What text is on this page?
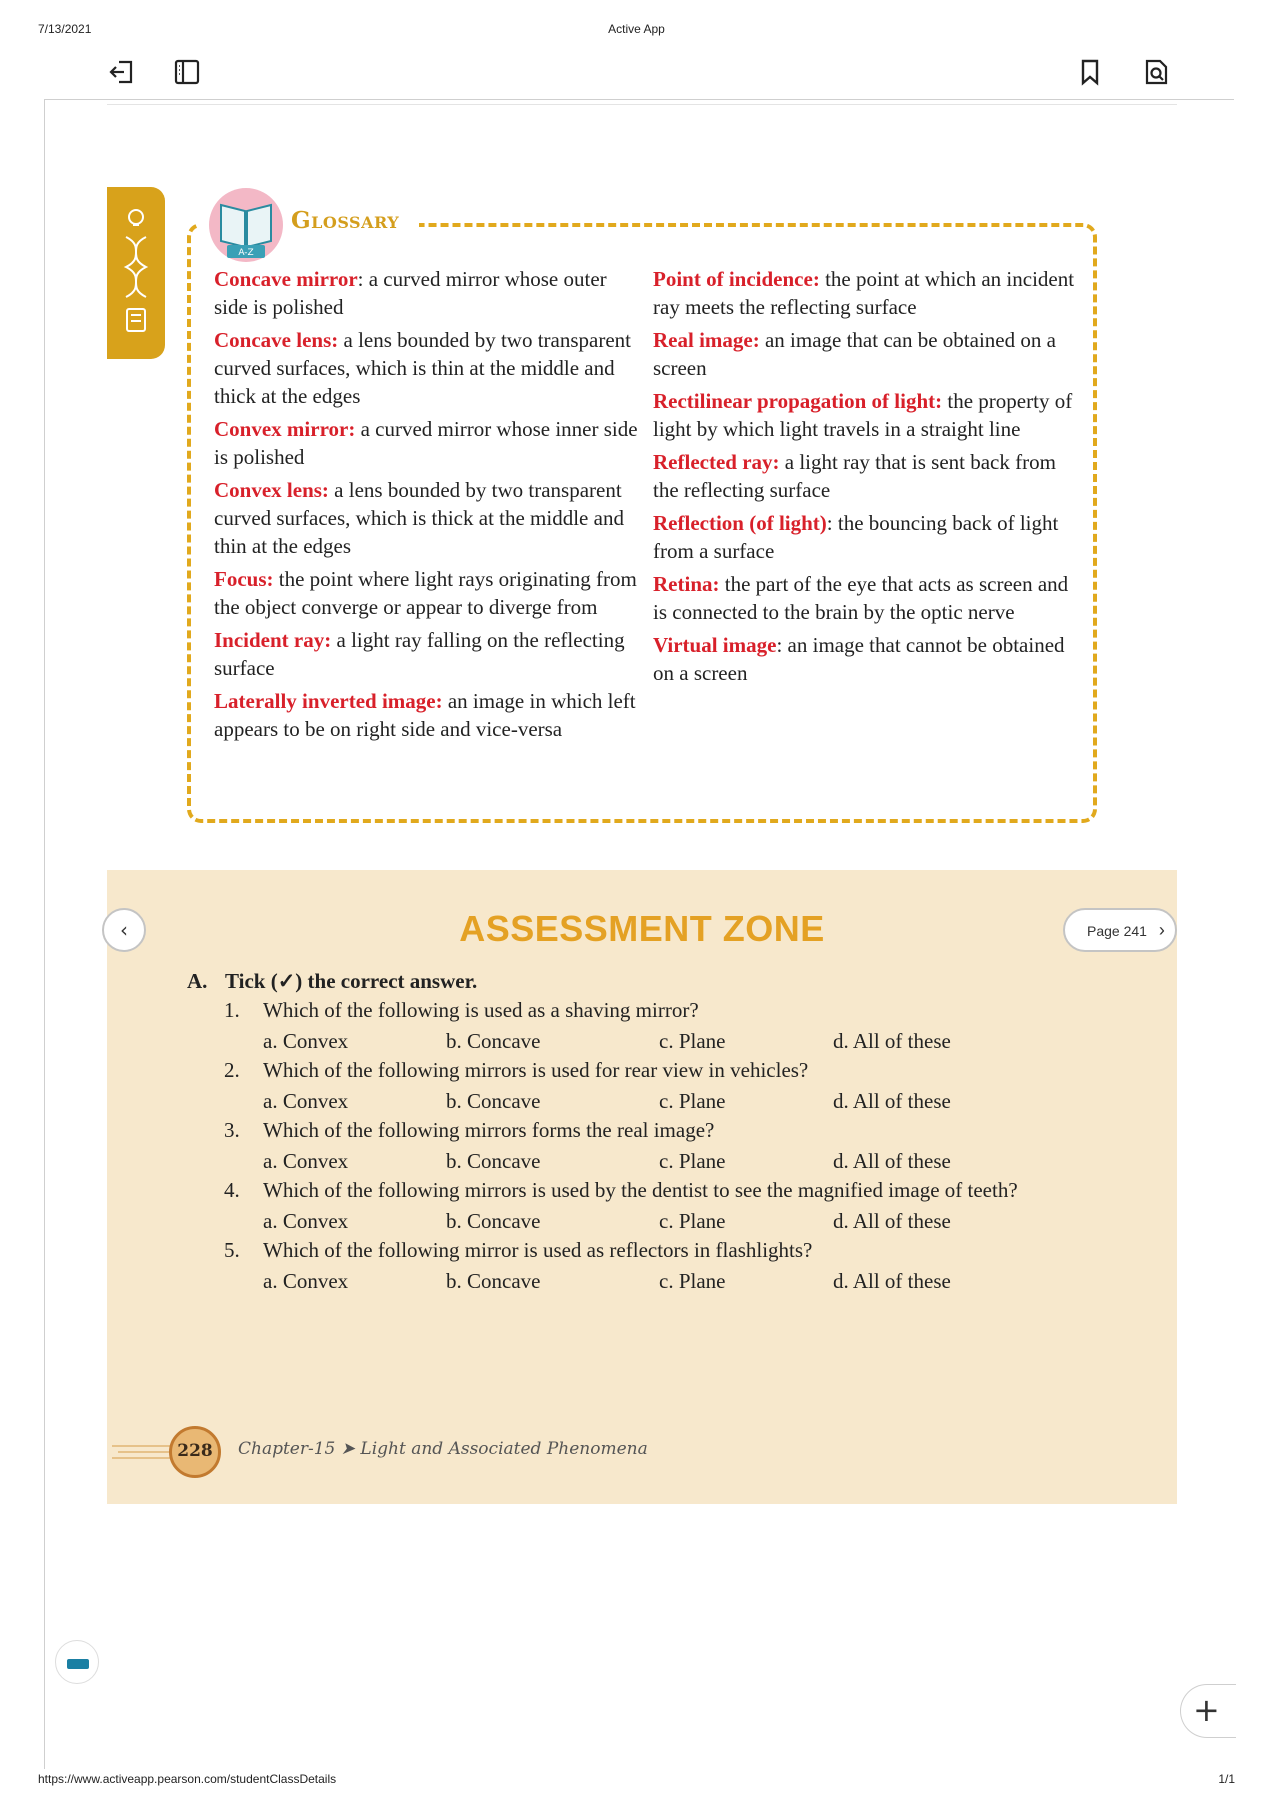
7/13/2021	Active App
A-Z
Glossary
Concave mirror: a curved mirror whose outer side is polished
Concave lens: a lens bounded by two transparent curved surfaces, which is thin at the middle and thick at the edges
Convex mirror: a curved mirror whose inner side is polished
Convex lens: a lens bounded by two transparent curved surfaces, which is thick at the middle and thin at the edges
Focus: the point where light rays originating from the object converge or appear to diverge from
Incident ray: a light ray falling on the reflecting surface
Laterally inverted image: an image in which left appears to be on right side and vice-versa
Point of incidence: the point at which an incident ray meets the reflecting surface
Real image: an image that can be obtained on a screen
Rectilinear propagation of light: the property of light by which light travels in a straight line
Reflected ray: a light ray that is sent back from the reflecting surface
Reflection (of light): the bouncing back of light from a surface
Retina: the part of the eye that acts as screen and is connected to the brain by the optic nerve
Virtual image: an image that cannot be obtained on a screen
ASSESSMENT ZONE
A. Tick (✓) the correct answer.
1. Which of the following is used as a shaving mirror?
a. Convex	b. Concave	c. Plane	d. All of these
2. Which of the following mirrors is used for rear view in vehicles?
a. Convex	b. Concave	c. Plane	d. All of these
3. Which of the following mirrors forms the real image?
a. Convex	b. Concave	c. Plane	d. All of these
4. Which of the following mirrors is used by the dentist to see the magnified image of teeth?
a. Convex	b. Concave	c. Plane	d. All of these
5. Which of the following mirror is used as reflectors in flashlights?
a. Convex	b. Concave	c. Plane	d. All of these
228	Chapter-15 ➤ Light and Associated Phenomena
‹	Page 241 ›
+
https://www.activeapp.pearson.com/studentClassDetails	1/1
